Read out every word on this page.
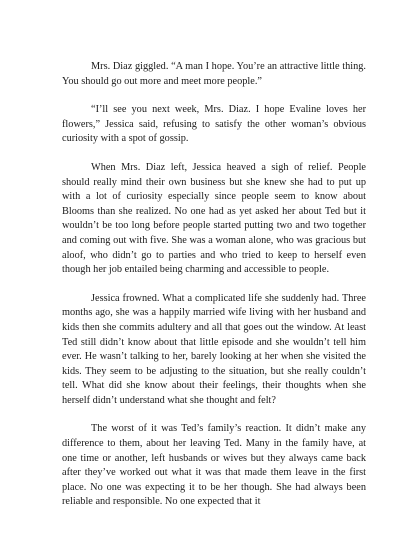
Mrs. Diaz giggled. “A man I hope. You’re an attractive little thing. You should go out more and meet more people.”

“I’ll see you next week, Mrs. Diaz. I hope Evaline loves her flowers,” Jessica said, refusing to satisfy the other woman’s obvious curiosity with a spot of gossip.

When Mrs. Diaz left, Jessica heaved a sigh of relief. People should really mind their own business but she knew she had to put up with a lot of curiosity especially since people seem to know about Blooms than she realized. No one had as yet asked her about Ted but it wouldn’t be too long before people started putting two and two together and coming out with five. She was a woman alone, who was gracious but aloof, who didn’t go to parties and who tried to keep to herself even though her job entailed being charming and accessible to people.

Jessica frowned. What a complicated life she suddenly had. Three months ago, she was a happily married wife living with her husband and kids then she commits adultery and all that goes out the window. At least Ted still didn’t know about that little episode and she wouldn’t tell him ever. He wasn’t talking to her, barely looking at her when she visited the kids. They seem to be adjusting to the situation, but she really couldn’t tell. What did she know about their feelings, their thoughts when she herself didn’t understand what she thought and felt?

The worst of it was Ted’s family’s reaction. It didn’t make any difference to them, about her leaving Ted. Many in the family have, at one time or another, left husbands or wives but they always came back after they’ve worked out what it was that made them leave in the first place. No one was expecting it to be her though. She had always been reliable and responsible. No one expected that it
